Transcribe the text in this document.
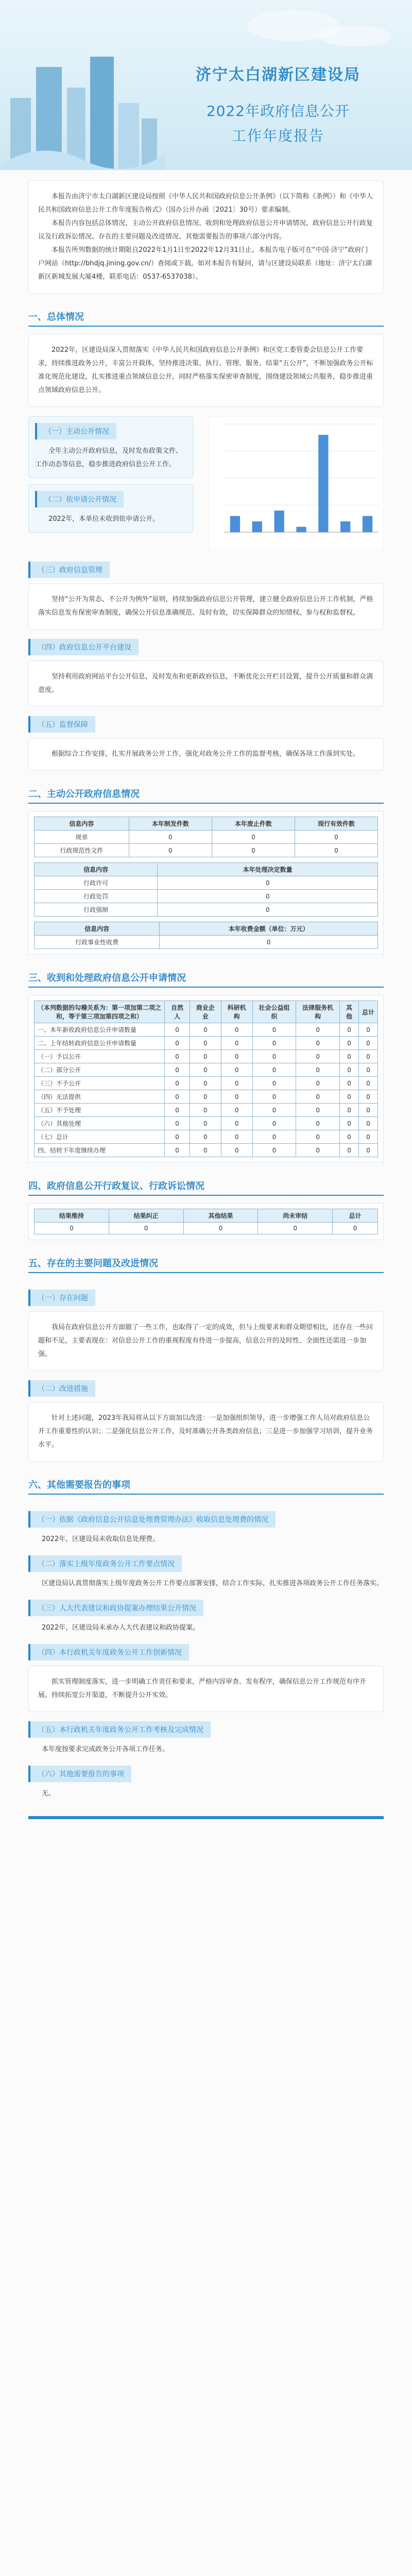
济宁太白湖新区建设局
2022年政府信息公开
工作年度报告

本报告由济宁市太白湖新区建设局按照《中华人民共和国政府信息公开条例》（以下简称《条例》）和《中华人民共和国政府信息公开工作年度报告格式》（国办公开办函〔2021〕30号）要求编制。

本报告内容包括总体情况、主动公开政府信息情况、收到和处理政府信息公开申请情况、政府信息公开行政复议及行政诉讼情况、存在的主要问题及改进情况、其他需要报告的事项六部分内容。

本报告所列数据的统计期限自2022年1月1日至2022年12月31日止。本报告电子版可在“中国·济宁”政府门户网站（http://bhdjq.jining.gov.cn/）查阅或下载。如对本报告有疑问，请与区建设局联系（地址：济宁太白湖新区新城发展大厦4楼，联系电话：0537-6537038）。

一、总体情况

2022年，区建设局深入贯彻落实《中华人民共和国政府信息公开条例》和区党工委管委会信息公开工作要求，持续推进政务公开，丰富公开载体，坚持推进决策、执行、管理、服务、结果“五公开”，不断加强政务公开标准化规范化建设，扎实推进重点领域信息公开，同时严格落实保密审查制度，围绕建设领域公共服务，稳步推进重点领域政府信息公开。

（一）主动公开情况

全年主动公开政府信息，及时发布政策文件、工作动态等信息，稳步推进政府信息公开工作。

（二）依申请公开情况

2022年，本单位未收到依申请公开。

（三）政府信息管理

坚持“公开为常态、不公开为例外”原则，持续加强政府信息公开管理，建立健全政府信息公开工作机制，严格落实信息发布保密审查制度，确保公开信息准确规范、及时有效，切实保障群众的知情权、参与权和监督权。

（四）政府信息公开平台建设

坚持利用政府网站平台公开信息，及时发布和更新政府信息，不断优化公开栏目设置，提升公开质量和群众满意度。

（五）监督保障

根据综合工作安排，扎实开展政务公开工作，强化对政务公开工作的监督考核，确保各项工作落到实处。

二、主动公开政府信息情况
信息内容	本年制发件数	本年废止件数	现行有效件数
规章	0	0	0
行政规范性文件	0	0	0
信息内容	本年处理决定数量
行政许可	0
行政处罚	0
行政强制	0
信息内容	本年收费金额（单位：万元）
行政事业性收费	0
三、收到和处理政府信息公开申请情况
（本列数据的勾稽关系为：第一项加第二项之和，等于第三项加第四项之和）	自然人	商业企业	科研机构	社会公益组织	法律服务机构	其他	总计
一、本年新收政府信息公开申请数量	0	0	0	0	0	0	0
二、上年结转政府信息公开申请数量	0	0	0	0	0	0	0
（一）予以公开	0	0	0	0	0	0	0
（二）部分公开	0	0	0	0	0	0	0
（三）不予公开	0	0	0	0	0	0	0
（四）无法提供	0	0	0	0	0	0	0
（五）不予处理	0	0	0	0	0	0	0
（六）其他处理	0	0	0	0	0	0	0
（七）总计	0	0	0	0	0	0	0
四、结转下年度继续办理	0	0	0	0	0	0	0
四、政府信息公开行政复议、行政诉讼情况
结果维持	结果纠正	其他结果	尚未审结	总计
0	0	0	0	0
五、存在的主要问题及改进情况
（一）存在问题

我局在政府信息公开方面做了一些工作，也取得了一定的成效，但与上级要求和群众期望相比，还存在一些问题和不足，主要表现在：对信息公开工作的重视程度有待进一步提高，信息公开的及时性、全面性还需进一步加强。

（二）改进措施

针对上述问题，2023年我局将从以下方面加以改进：一是加强组织领导，进一步增强工作人员对政府信息公开工作重要性的认识；二是强化信息公开工作，及时准确公开各类政府信息；三是进一步加强学习培训，提升业务水平。

六、其他需要报告的事项
（一）依据《政府信息公开信息处理费管理办法》收取信息处理费的情况

2022年，区建设局未收取信息处理费。

（二）落实上级年度政务公开工作要点情况

区建设局认真贯彻落实上级年度政务公开工作要点部署安排，结合工作实际，扎实推进各项政务公开工作任务落实。

（三）人大代表建议和政协提案办理结果公开情况

2022年，区建设局未承办人大代表建议和政协提案。

（四）本行政机关年度政务公开工作创新情况

抓实管理制度落实，进一步明确工作责任和要求，严格内容审查、发布程序，确保信息公开工作规范有序开展。持续拓宽公开渠道，不断提升公开实效。

（五）本行政机关年度政务公开工作考核及完成情况

本年度按要求完成政务公开各项工作任务。

（六）其他需要报告的事项

无。
